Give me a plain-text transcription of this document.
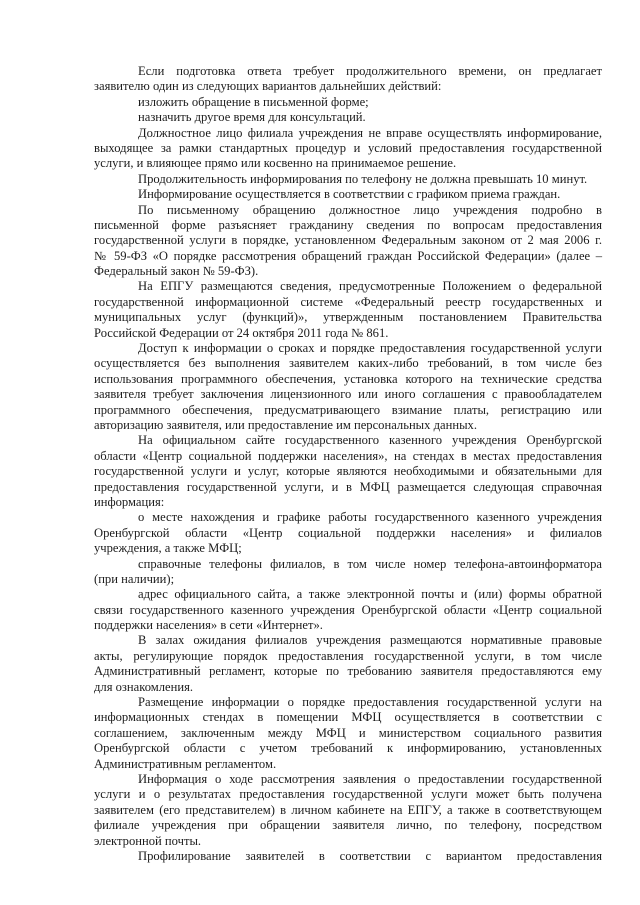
Если подготовка ответа требует продолжительного времени, он предлагает
заявителю один из следующих вариантов дальнейших действий:
изложить обращение в письменной форме;
назначить другое время для консультаций.
Должностное лицо филиала учреждения не вправе осуществлять информирование,
выходящее за рамки стандартных процедур и условий предоставления государственной
услуги, и влияющее прямо или косвенно на принимаемое решение.
Продолжительность информирования по телефону не должна превышать 10 минут.
Информирование осуществляется в соответствии с графиком приема граждан.
По письменному обращению должностное лицо учреждения подробно в
письменной форме разъясняет гражданину сведения по вопросам предоставления
государственной услуги в порядке, установленном Федеральным законом от 2 мая 2006 г.
№ 59-ФЗ «О порядке рассмотрения обращений граждан Российской Федерации» (далее –
Федеральный закон № 59-ФЗ).
На ЕПГУ размещаются сведения, предусмотренные Положением о федеральной
государственной информационной системе «Федеральный реестр государственных и
муниципальных услуг (функций)», утвержденным постановлением Правительства
Российской Федерации от 24 октября 2011 года № 861.
Доступ к информации о сроках и порядке предоставления государственной услуги
осуществляется без выполнения заявителем каких-либо требований, в том числе без
использования программного обеспечения, установка которого на технические средства
заявителя требует заключения лицензионного или иного соглашения с правообладателем
программного обеспечения, предусматривающего взимание платы, регистрацию или
авторизацию заявителя, или предоставление им персональных данных.
На официальном сайте государственного казенного учреждения Оренбургской
области «Центр социальной поддержки населения», на стендах в местах предоставления
государственной услуги и услуг, которые являются необходимыми и обязательными для
предоставления государственной услуги, и в МФЦ размещается следующая справочная
информация:
о месте нахождения и графике работы государственного казенного учреждения
Оренбургской области «Центр социальной поддержки населения» и филиалов
учреждения, а также МФЦ;
справочные телефоны филиалов, в том числе номер телефона-автоинформатора
(при наличии);
адрес официального сайта, а также электронной почты и (или) формы обратной
связи государственного казенного учреждения Оренбургской области «Центр социальной
поддержки населения» в сети «Интернет».
В залах ожидания филиалов учреждения размещаются нормативные правовые
акты, регулирующие порядок предоставления государственной услуги, в том числе
Административный регламент, которые по требованию заявителя предоставляются ему
для ознакомления.
Размещение информации о порядке предоставления государственной услуги на
информационных стендах в помещении МФЦ осуществляется в соответствии с
соглашением, заключенным между МФЦ и министерством социального развития
Оренбургской области с учетом требований к информированию, установленных
Административным регламентом.
Информация о ходе рассмотрения заявления о предоставлении государственной
услуги и о результатах предоставления государственной услуги может быть получена
заявителем (его представителем) в личном кабинете на ЕПГУ, а также в соответствующем
филиале учреждения при обращении заявителя лично, по телефону, посредством
электронной почты.
Профилирование заявителей в соответствии с вариантом предоставления
